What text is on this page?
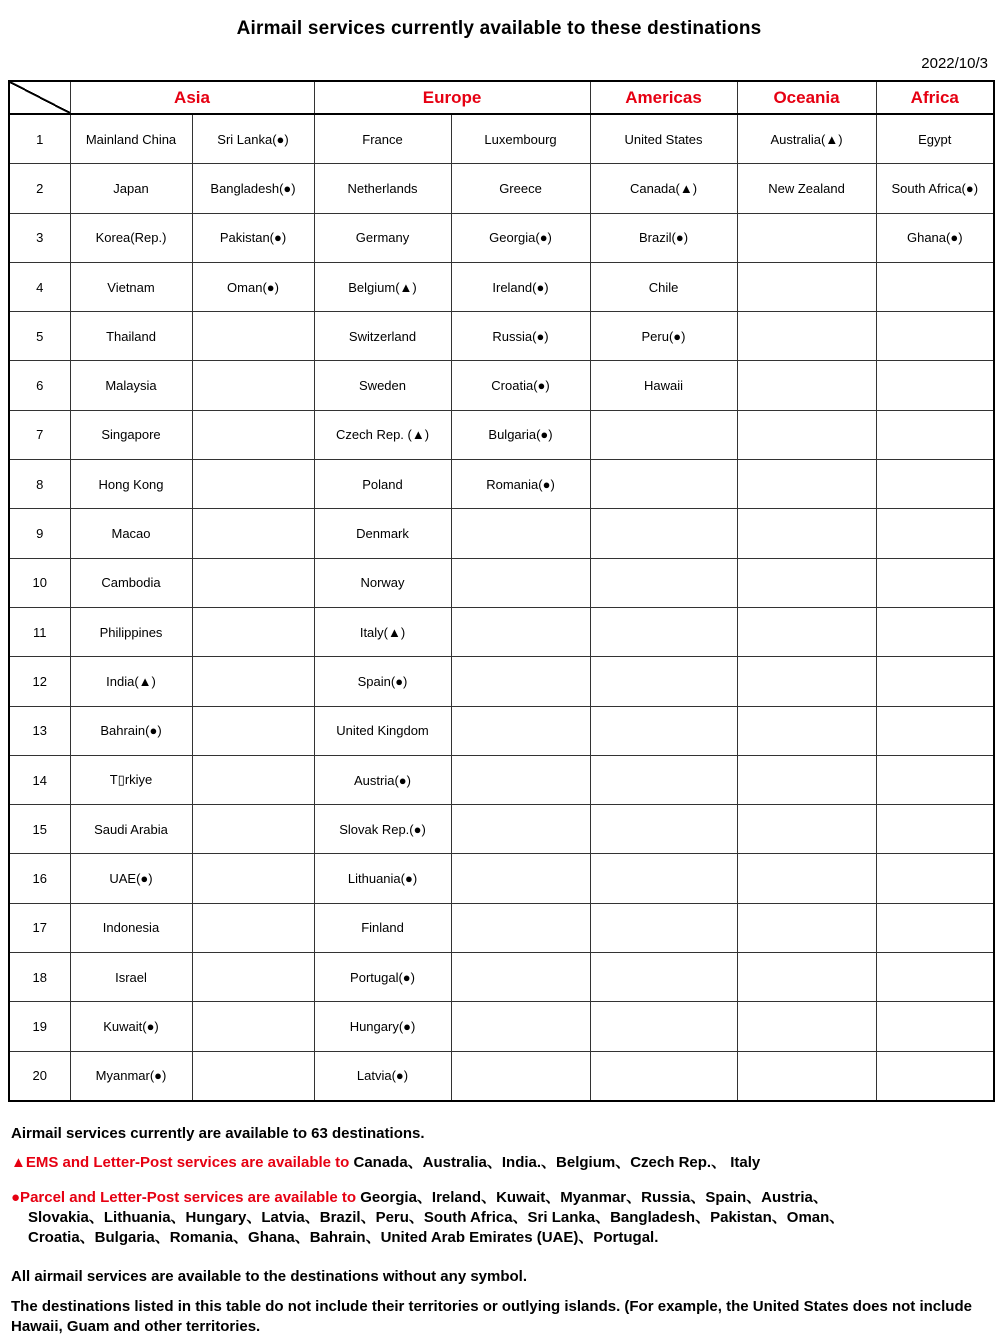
Airmail services currently available to these destinations
2022/10/3
	Asia		Europe		Americas	Oceania	Africa
1	Mainland China	Sri Lanka(●)	France	Luxembourg	United States	Australia(▲)	Egypt
2	Japan	Bangladesh(●)	Netherlands	Greece	Canada(▲)	New Zealand	South Africa(●)
3	Korea(Rep.)	Pakistan(●)	Germany	Georgia(●)	Brazil(●)		Ghana(●)
4	Vietnam	Oman(●)	Belgium(▲)	Ireland(●)	Chile		
5	Thailand		Switzerland	Russia(●)	Peru(●)		
6	Malaysia		Sweden	Croatia(●)	Hawaii		
7	Singapore		Czech Rep. (▲)	Bulgaria(●)			
8	Hong Kong		Poland	Romania(●)			
9	Macao		Denmark				
10	Cambodia		Norway				
11	Philippines		Italy(▲)				
12	India(▲)		Spain(●)				
13	Bahrain(●)		United Kingdom				
14	T▯rkiye		Austria(●)				
15	Saudi Arabia		Slovak Rep.(●)				
16	UAE(●)		Lithuania(●)				
17	Indonesia		Finland				
18	Israel		Portugal(●)				
19	Kuwait(●)		Hungary(●)				
20	Myanmar(●)		Latvia(●)				

Airmail services currently are available to 63 destinations.

▲EMS and Letter-Post services are available to Canada、Australia、India.、Belgium、Czech Rep.、 Italy

●Parcel and Letter-Post services are available to Georgia、Ireland、Kuwait、Myanmar、Russia、Spain、Austria、
Slovakia、Lithuania、Hungary、Latvia、Brazil、Peru、South Africa、Sri Lanka、Bangladesh、Pakistan、Oman、
Croatia、Bulgaria、Romania、Ghana、Bahrain、United Arab Emirates (UAE)、Portugal.

All airmail services are available to the destinations without any symbol.

The destinations listed in this table do not include their territories or outlying islands. (For example, the United States does not include Hawaii, Guam and other territories.
